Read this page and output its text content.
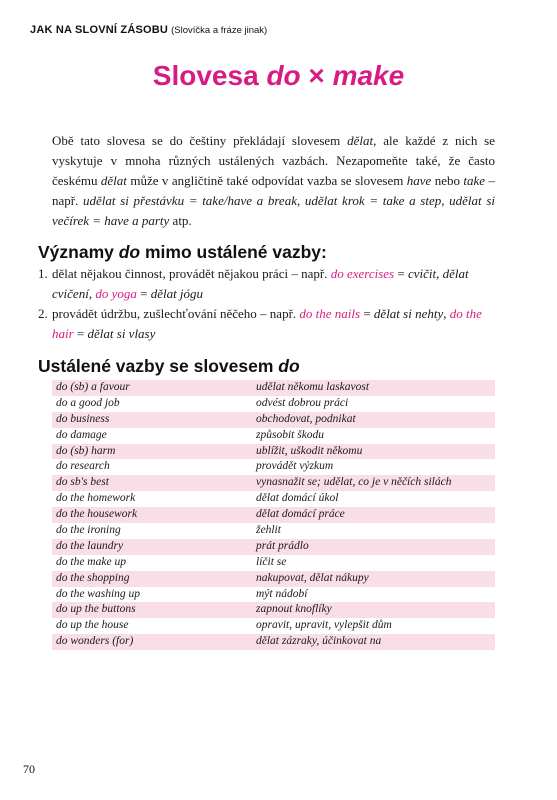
JAK NA SLOVNÍ ZÁSOBU (Slovíčka a fráze jinak)
Slovesa do × make
Obě tato slovesa se do češtiny překládají slovesem dělat, ale každé z nich se vyskytuje v mnoha různých ustálených vazbách. Nezapomeňte také, že často českému dělat může v angličtině také odpovídat vazba se slovesem have nebo take – např. udělat si přestávku = take/have a break, udělat krok = take a step, udělat si večírek = have a party atp.
Významy do mimo ustálené vazby:
1. dělat nějakou činnost, provádět nějakou práci – např. do exercises = cvičit, dělat cvičení, do yoga = dělat jógu
2. provádět údržbu, zušlechťování něčeho – např. do the nails = dělat si nehty, do the hair = dělat si vlasy
Ustálené vazby se slovesem do
do (sb) a favour	udělat někomu laskavost
do a good job	odvést dobrou práci
do business	obchodovat, podnikat
do damage	způsobit škodu
do (sb) harm	ublížit, uškodit někomu
do research	provádět výzkum
do sb's best	vynasnažit se; udělat, co je v něčích silách
do the homework	dělat domácí úkol
do the housework	dělat domácí práce
do the ironing	žehlit
do the laundry	prát prádlo
do the make up	líčit se
do the shopping	nakupovat, dělat nákupy
do the washing up	mýt nádobí
do up the buttons	zapnout knoflíky
do up the house	opravit, upravit, vylepšit dům
do wonders (for)	dělat zázraky, účinkovat na
70
